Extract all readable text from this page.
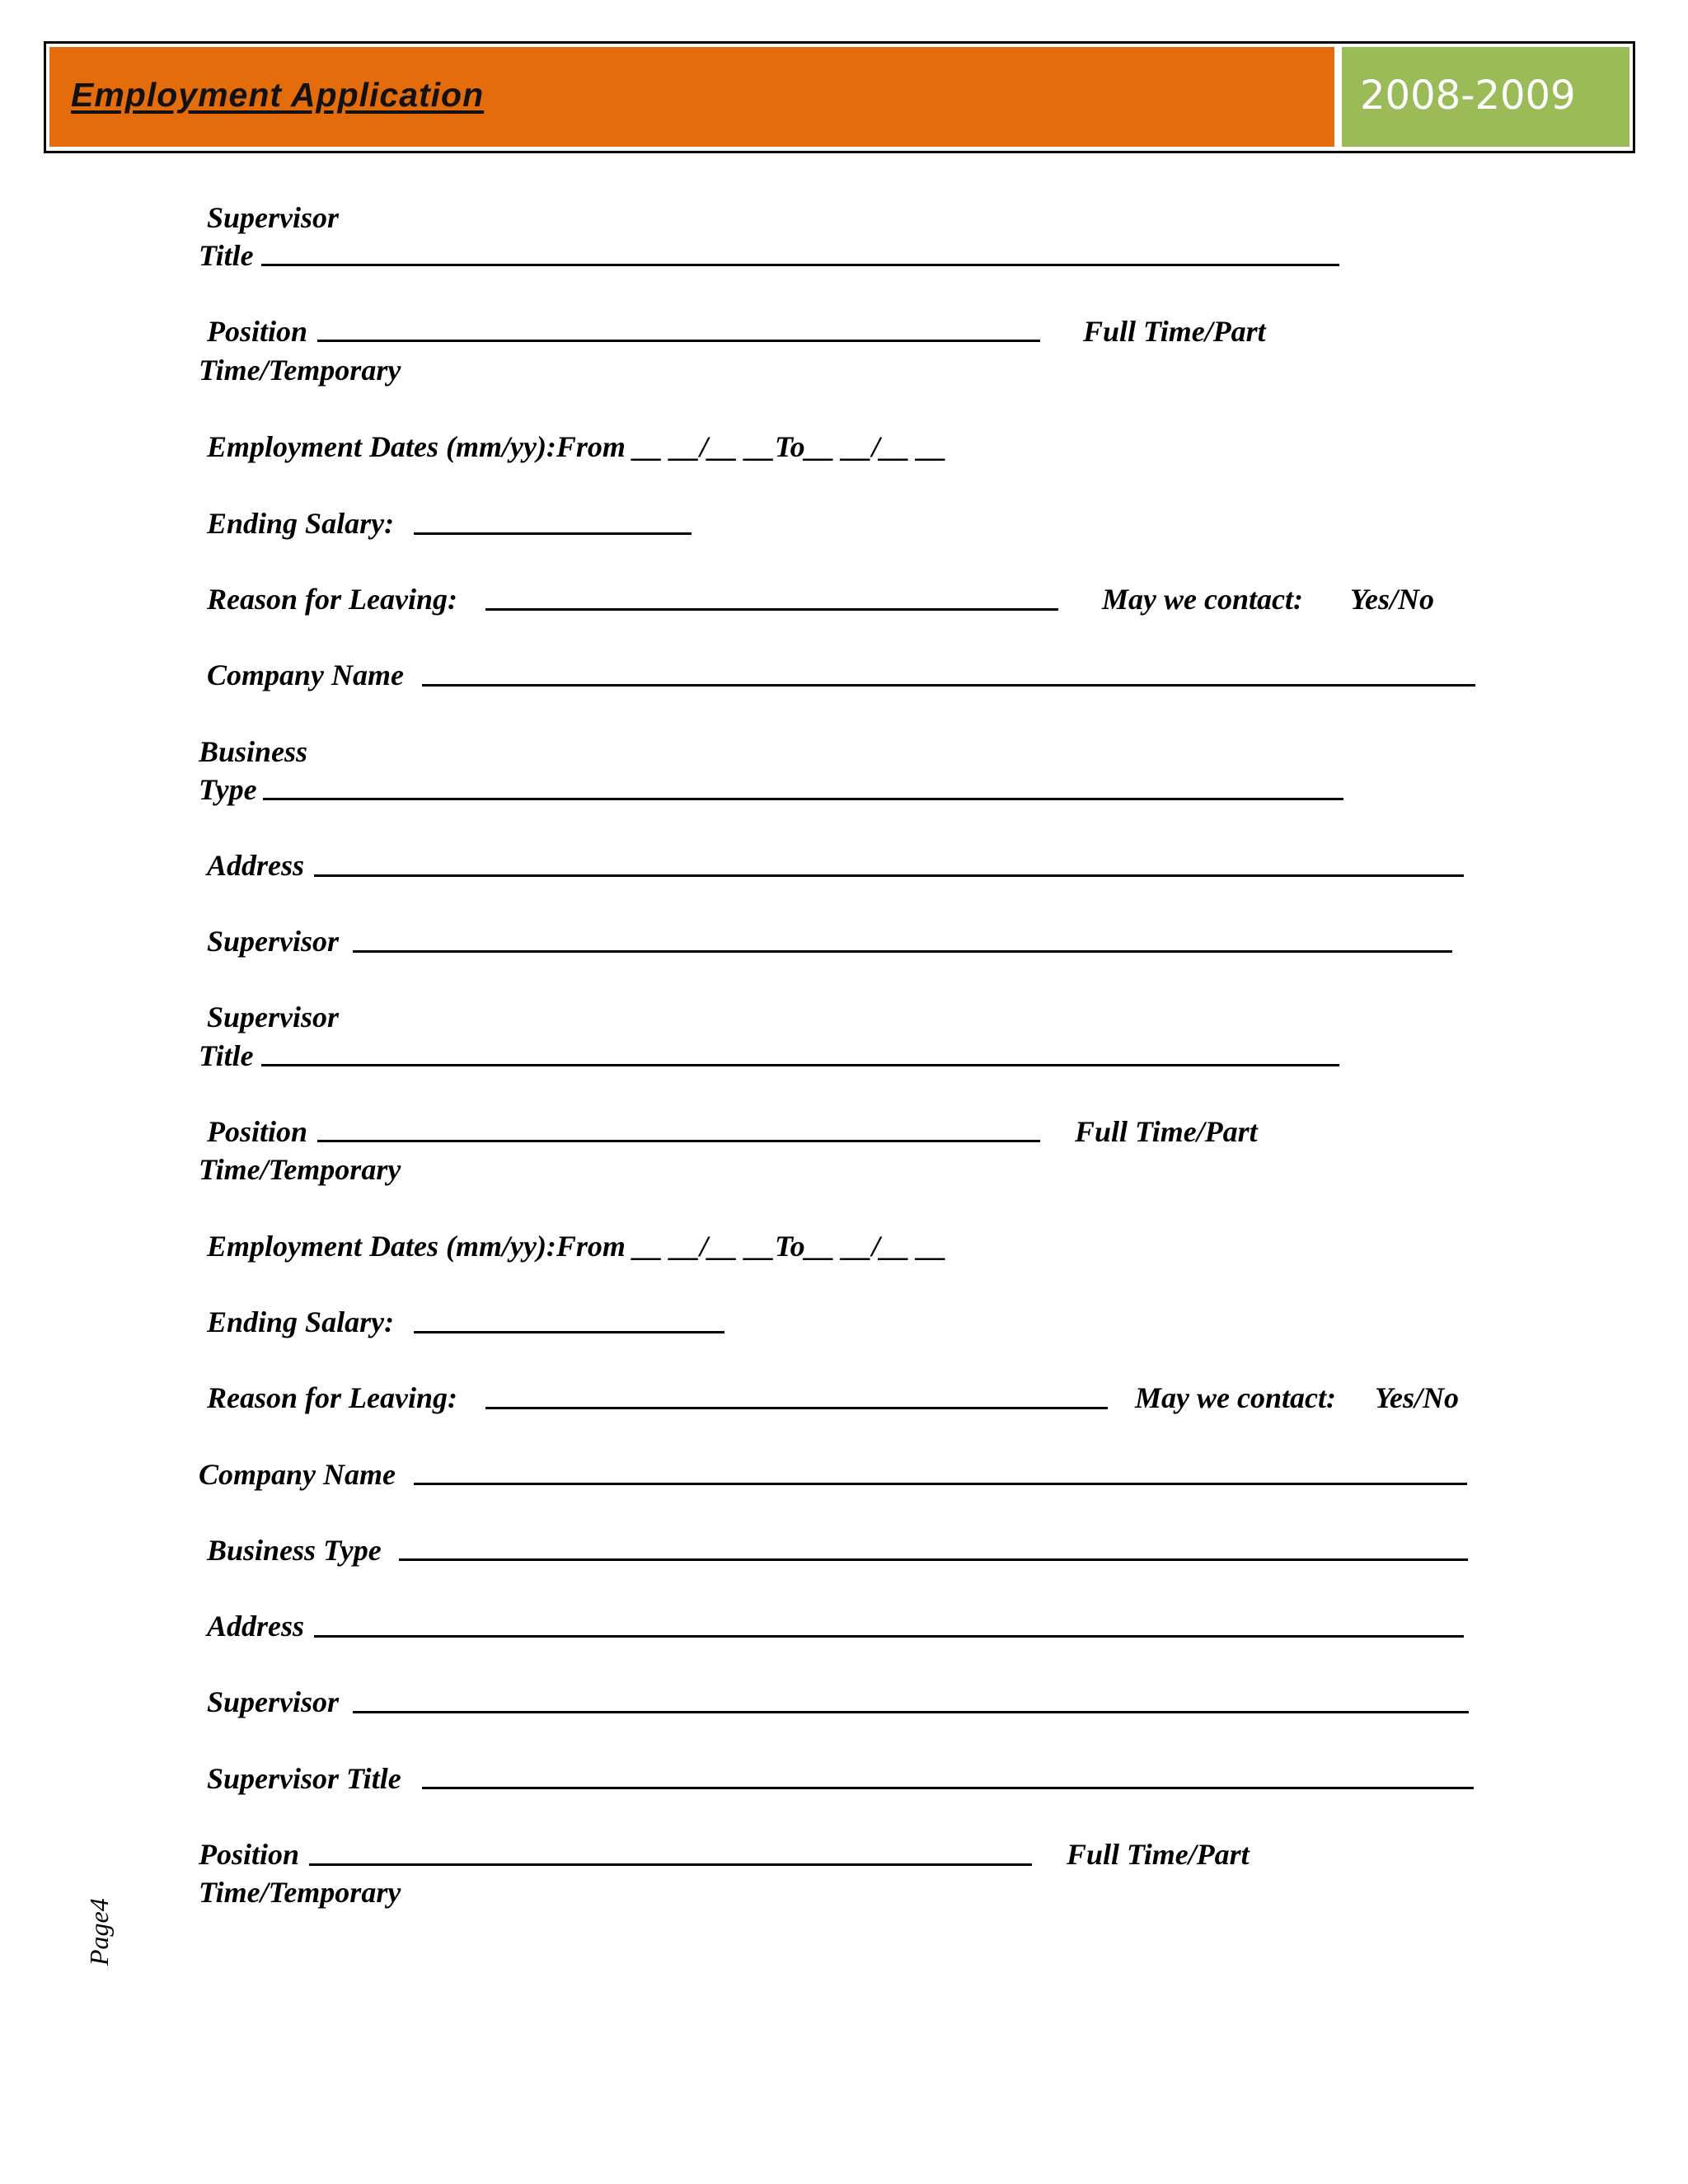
Employment Application	2008-2009
Supervisor
Title
Position	Full Time/Part
Time/Temporary
Employment Dates (mm/yy):From __ __/__ __To__ __/__ __
Ending Salary:
Reason for Leaving:	May we contact: Yes/No
Company Name
Business
Type
Address
Supervisor
Supervisor
Title
Position	Full Time/Part
Time/Temporary
Employment Dates (mm/yy):From __ __/__ __To__ __/__ __
Ending Salary:
Reason for Leaving:	May we contact: Yes/No
Company Name
Business Type
Address
Supervisor
Supervisor Title
Position	Full Time/Part
Time/Temporary
Page4
